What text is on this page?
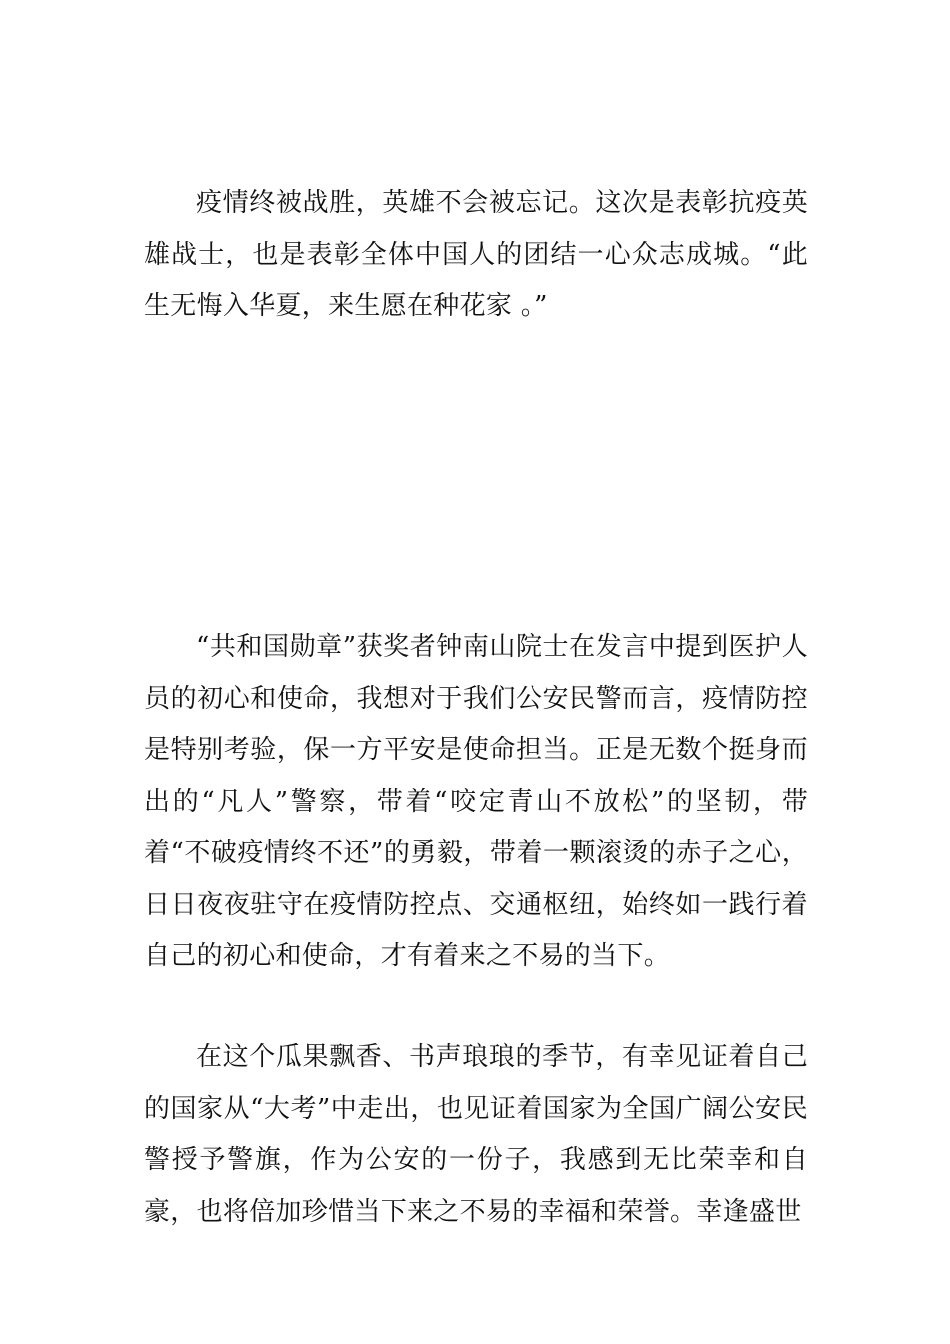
疫情终被战胜，英雄不会被忘记。这次是表彰抗疫英雄战士，也是表彰全体中国人的团结一心众志成城。“此生无悔入华夏，来生愿在种花家 。”

“共和国勋章”获奖者钟南山院士在发言中提到医护人员的初心和使命，我想对于我们公安民警而言，疫情防控是特别考验，保一方平安是使命担当。正是无数个挺身而出的“凡人”警察，带着“咬定青山不放松”的坚韧，带着“不破疫情终不还”的勇毅，带着一颗滚烫的赤子之心，日日夜夜驻守在疫情防控点、交通枢纽，始终如一践行着自己的初心和使命，才有着来之不易的当下。

在这个瓜果飘香、书声琅琅的季节，有幸见证着自己的国家从“大考”中走出，也见证着国家为全国广阔公安民警授予警旗，作为公安的一份子，我感到无比荣幸和自豪，也将倍加珍惜当下来之不易的幸福和荣誉。幸逢盛世
